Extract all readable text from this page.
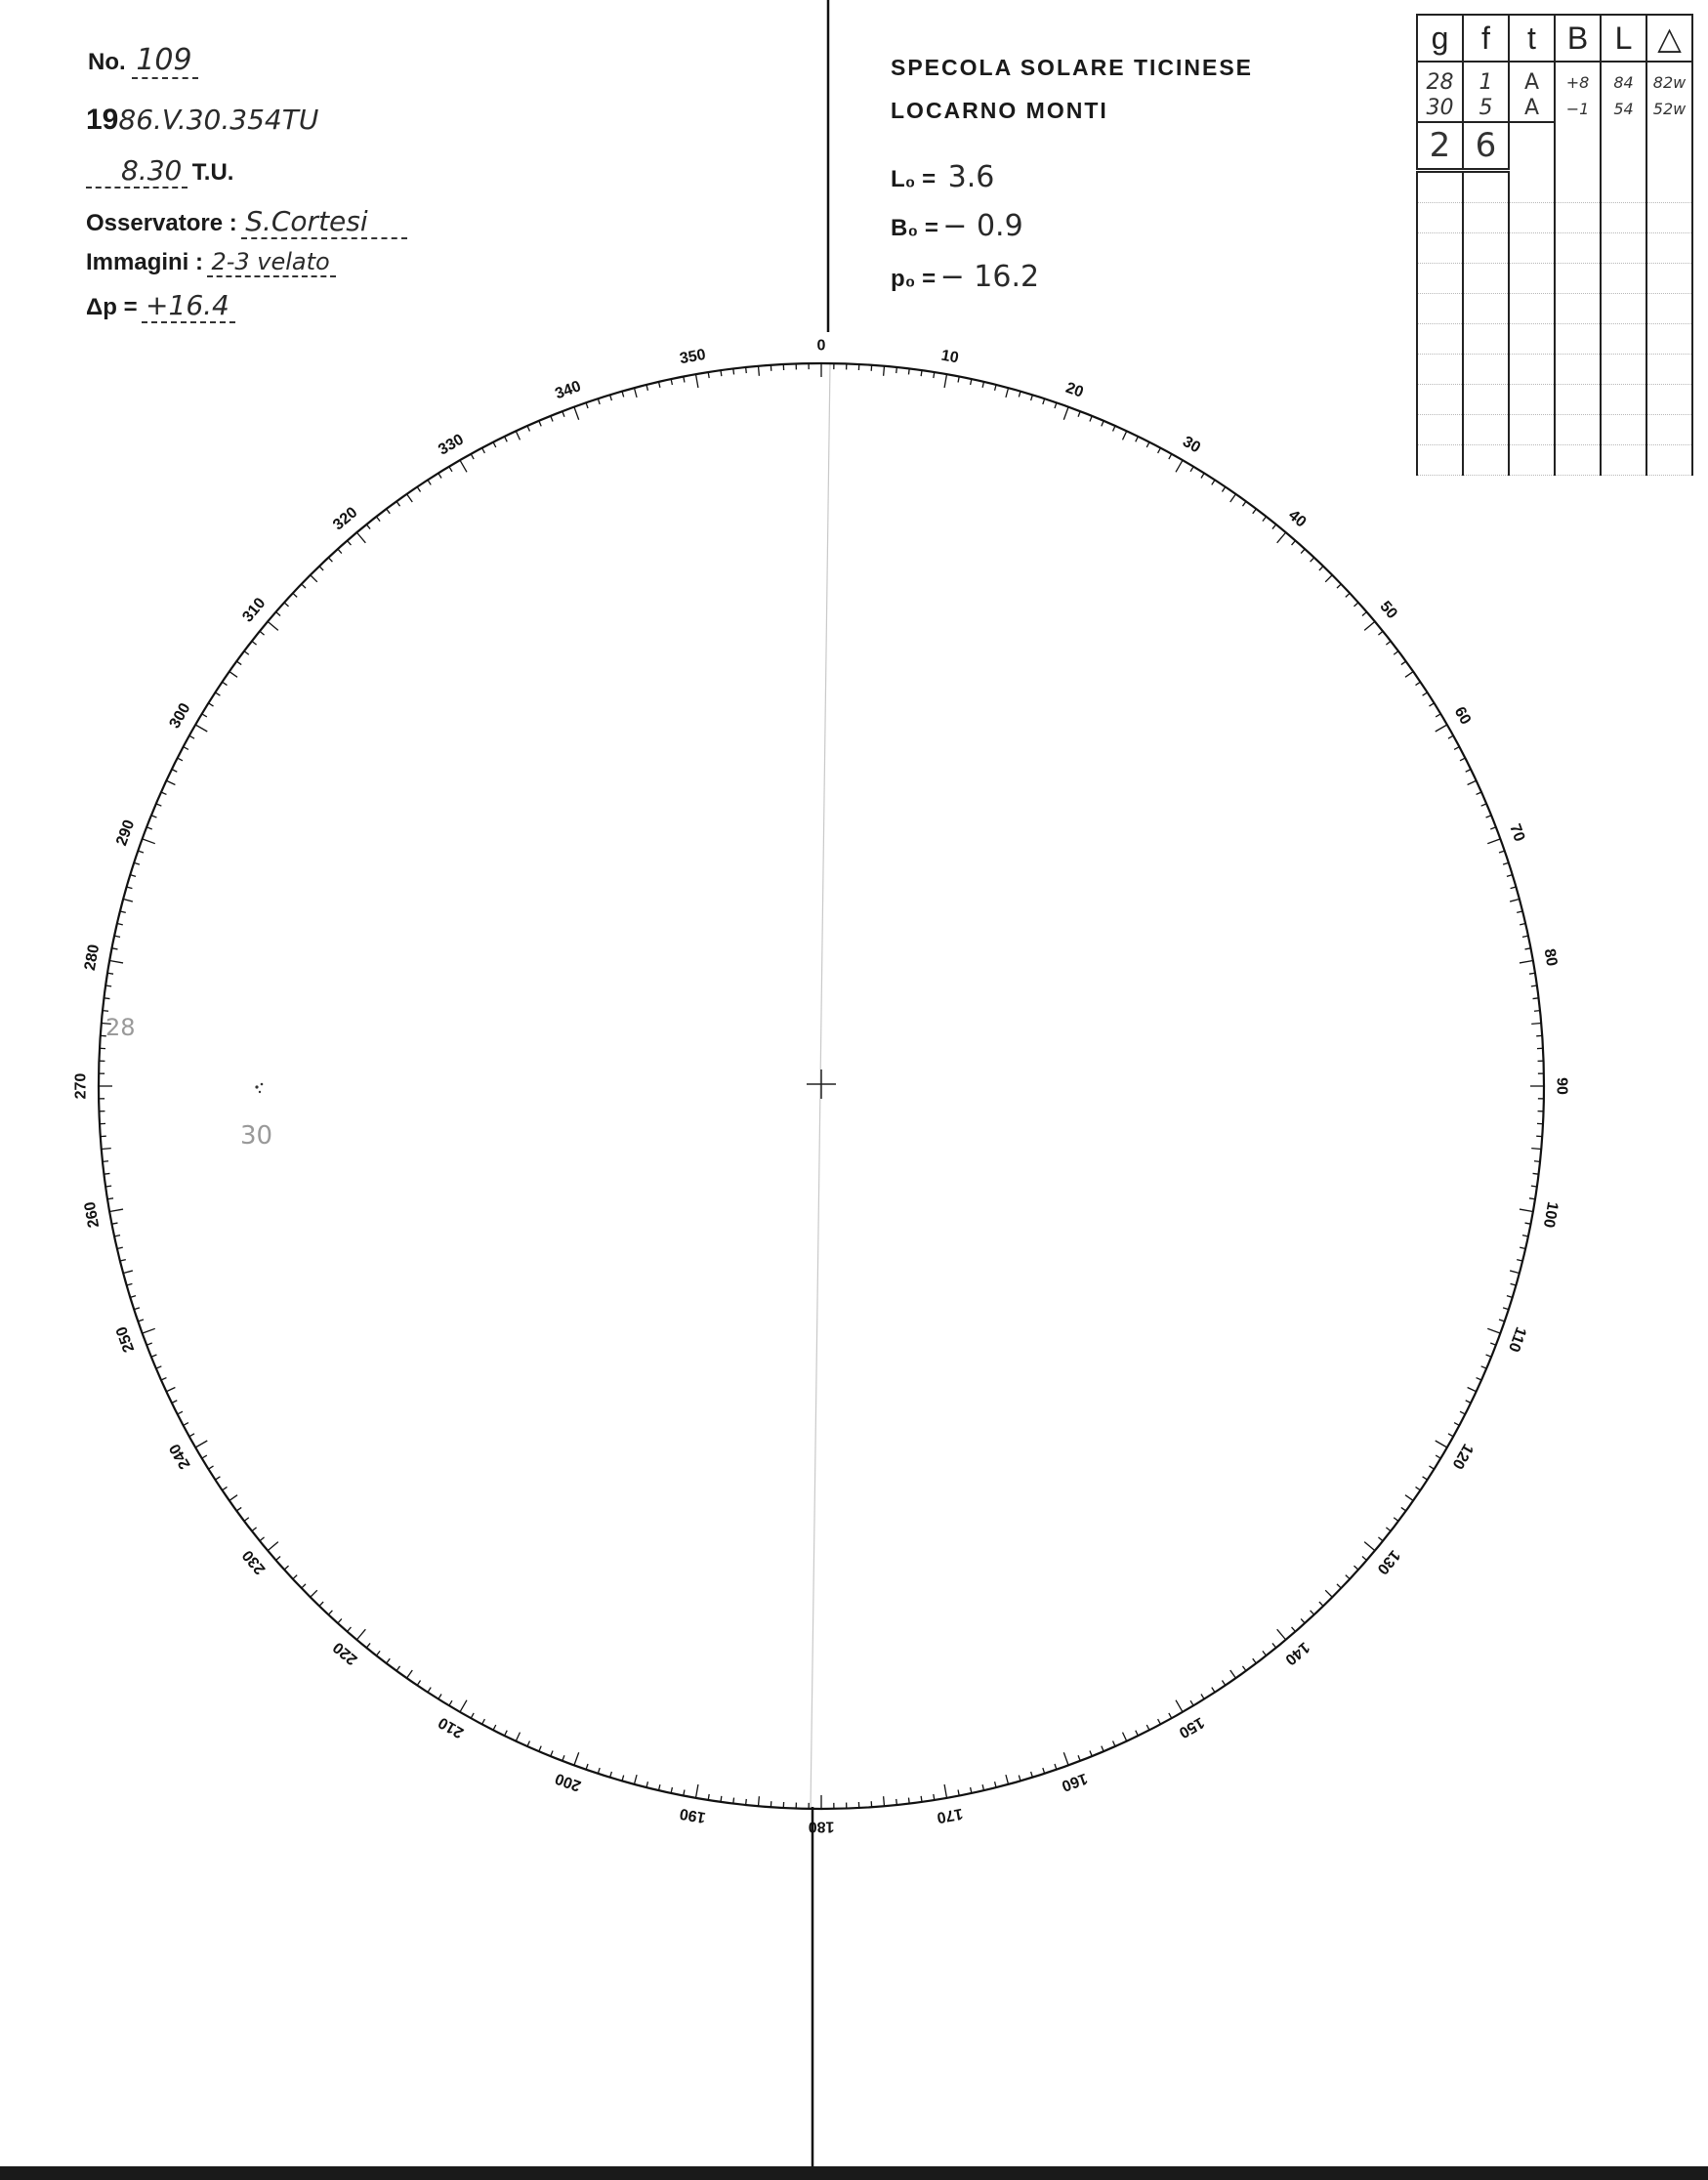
0
10
20
30
40
50
60
70
80
90
100
110
120
130
140
150
160
170
180
190
200
210
220
230
240
250
260
270
280
290
300
310
320
330
340
350
No. 109
1986.V.30.354TU
8.30 T.U.
Osservatore : S.Cortesi
Immagini : 2-3 velato
Δp = +16.4
SPECOLA SOLARE TICINESE
LOCARNO MONTI
L₀ = 3.6
B₀ = − 0.9
p₀ = − 16.2
g	f	t	B	L	△
28	1	A	+8	84	82w
30	5	A	−1	54	52w
2	6				

28
30
